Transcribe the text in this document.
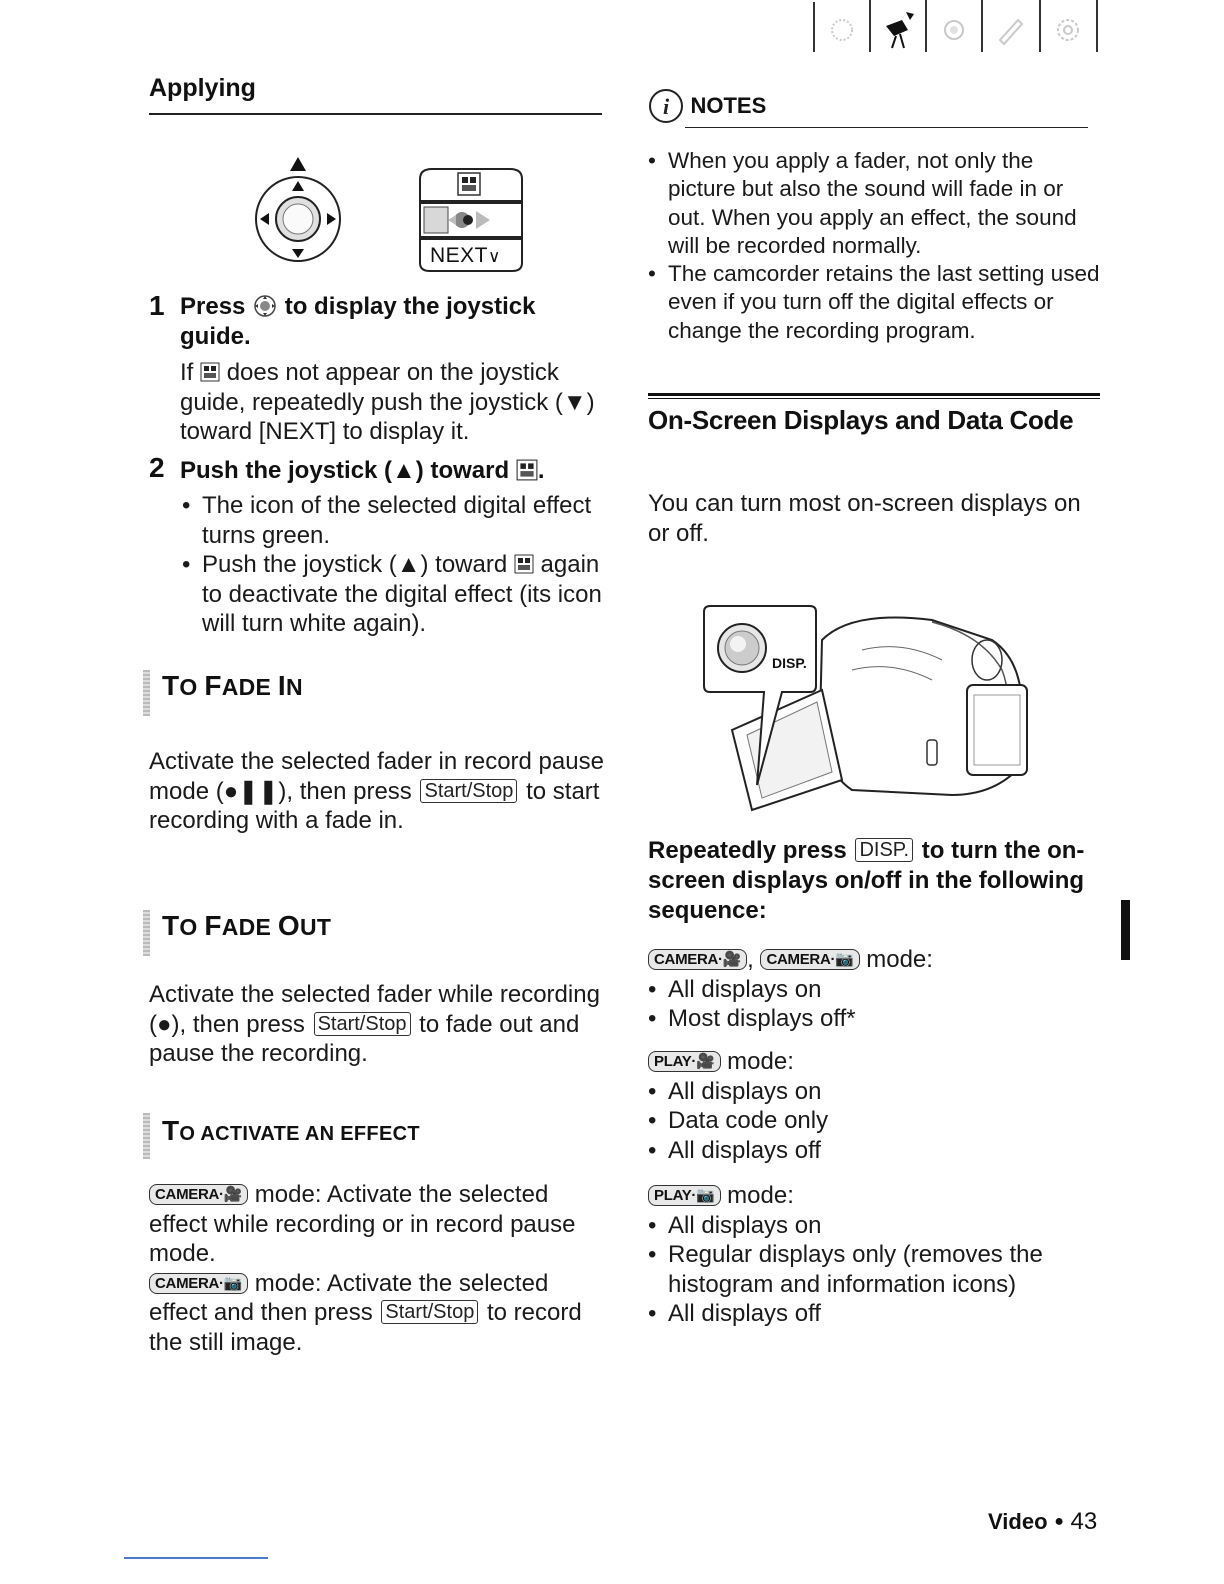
Applying
NEXT∨
1 Press to display the joystick guide.
If does not appear on the joystick guide, repeatedly push the joystick (▼) toward [NEXT] to display it.
2 Push the joystick (▲) toward .
• The icon of the selected digital effect turns green.
• Push the joystick (▲) toward again to deactivate the digital effect (its icon will turn white again).
TO FADE IN
Activate the selected fader in record pause mode (●❚❚), then press Start/Stop to start recording with a fade in.
TO FADE OUT
Activate the selected fader while recording (●), then press Start/Stop to fade out and pause the recording.
TO ACTIVATE AN EFFECT
CAMERA·🎥 mode: Activate the selected effect while recording or in record pause mode.
CAMERA·📷 mode: Activate the selected effect and then press Start/Stop to record the still image.
i NOTES
• When you apply a fader, not only the picture but also the sound will fade in or out. When you apply an effect, the sound will be recorded normally.
• The camcorder retains the last setting used even if you turn off the digital effects or change the recording program.
On-Screen Displays and Data Code
You can turn most on-screen displays on or off.
DISP.
Repeatedly press DISP. to turn the on-screen displays on/off in the following sequence:
CAMERA·🎥 , CAMERA·📷 mode:
• All displays on
• Most displays off*
PLAY·🎥 mode:
• All displays on
• Data code only
• All displays off
PLAY·📷 mode:
• All displays on
• Regular displays only (removes the histogram and information icons)
• All displays off
Video ● 43
